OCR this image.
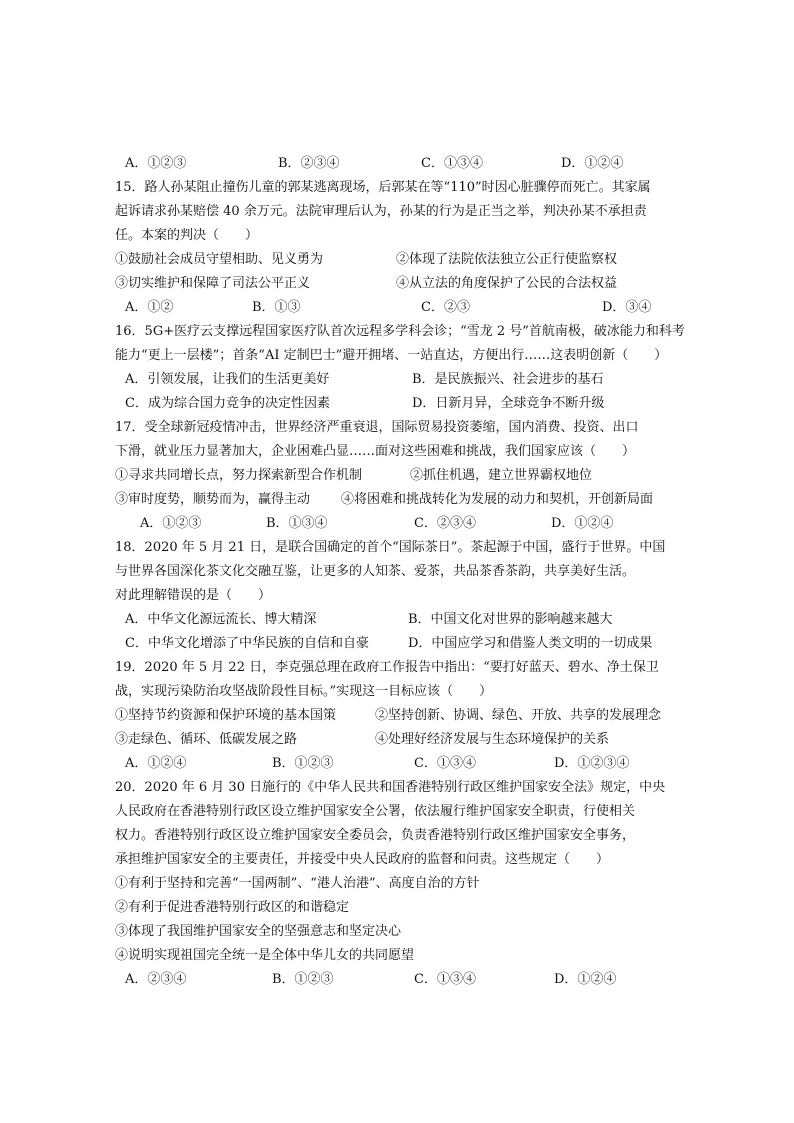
A．①②③	B．②③④	C．①③④	D．①②④
15．路人孙某阻止撞伤儿童的郭某逃离现场，后郭某在等“110”时因心脏骤停而死亡。其家属
起诉请求孙某赔偿 40 余万元。法院审理后认为，孙某的行为是正当之举，判决孙某不承担责
任。本案的判决（　　）
①鼓励社会成员守望相助、见义勇为	②体现了法院依法独立公正行使监察权
③切实维护和保障了司法公平正义	④从立法的角度保护了公民的合法权益
A．①②	B．①③	C．②③	D．③④
16．5G+医疗云支撑远程国家医疗队首次远程多学科会诊；“雪龙 2 号”首航南极，破冰能力和科考
能力“更上一层楼”；首条“AI 定制巴士”避开拥堵、一站直达，方便出行……这表明创新（　　）
A．引领发展，让我们的生活更美好	B．是民族振兴、社会进步的基石
C．成为综合国力竞争的决定性因素	D．日新月异，全球竞争不断升级
17．受全球新冠疫情冲击，世界经济严重衰退，国际贸易投资萎缩，国内消费、投资、出口
下滑，就业压力显著加大，企业困难凸显……面对这些困难和挑战，我们国家应该（　　）
①寻求共同增长点，努力探索新型合作机制	②抓住机遇，建立世界霸权地位
③审时度势，顺势而为，赢得主动 ④将困难和挑战转化为发展的动力和契机，开创新局面
A．①②③	B．①③④	C．②③④	D．①②④
18．2020 年 5 月 21 日，是联合国确定的首个“国际茶日”。茶起源于中国，盛行于世界。中国
与世界各国深化茶文化交融互鉴，让更多的人知茶、爱茶，共品茶香茶韵，共享美好生活。
对此理解错误的是（　　）
A．中华文化源远流长、博大精深	B．中国文化对世界的影响越来越大
C．中华文化增添了中华民族的自信和自豪	D．中国应学习和借鉴人类文明的一切成果
19．2020 年 5 月 22 日，李克强总理在政府工作报告中指出：“要打好蓝天、碧水、净土保卫
战，实现污染防治攻坚战阶段性目标。”实现这一目标应该（　　）
①坚持节约资源和保护环境的基本国策	②坚持创新、协调、绿色、开放、共享的发展理念
③走绿色、循环、低碳发展之路	④处理好经济发展与生态环境保护的关系
A．①②④	B．①②③	C．①③④	D．①②③④
20．2020 年 6 月 30 日施行的《中华人民共和国香港特别行政区维护国家安全法》规定，中央
人民政府在香港特别行政区设立维护国家安全公署，依法履行维护国家安全职责，行使相关
权力。香港特别行政区设立维护国家安全委员会，负责香港特别行政区维护国家安全事务，
承担维护国家安全的主要责任，并接受中央人民政府的监督和问责。这些规定（　　）
①有利于坚持和完善“一国两制”、“港人治港”、高度自治的方针
②有利于促进香港特别行政区的和谐稳定
③体现了我国维护国家安全的坚强意志和坚定决心
④说明实现祖国完全统一是全体中华儿女的共同愿望
A．②③④	B．①②③	C．①③④	D．①②④
